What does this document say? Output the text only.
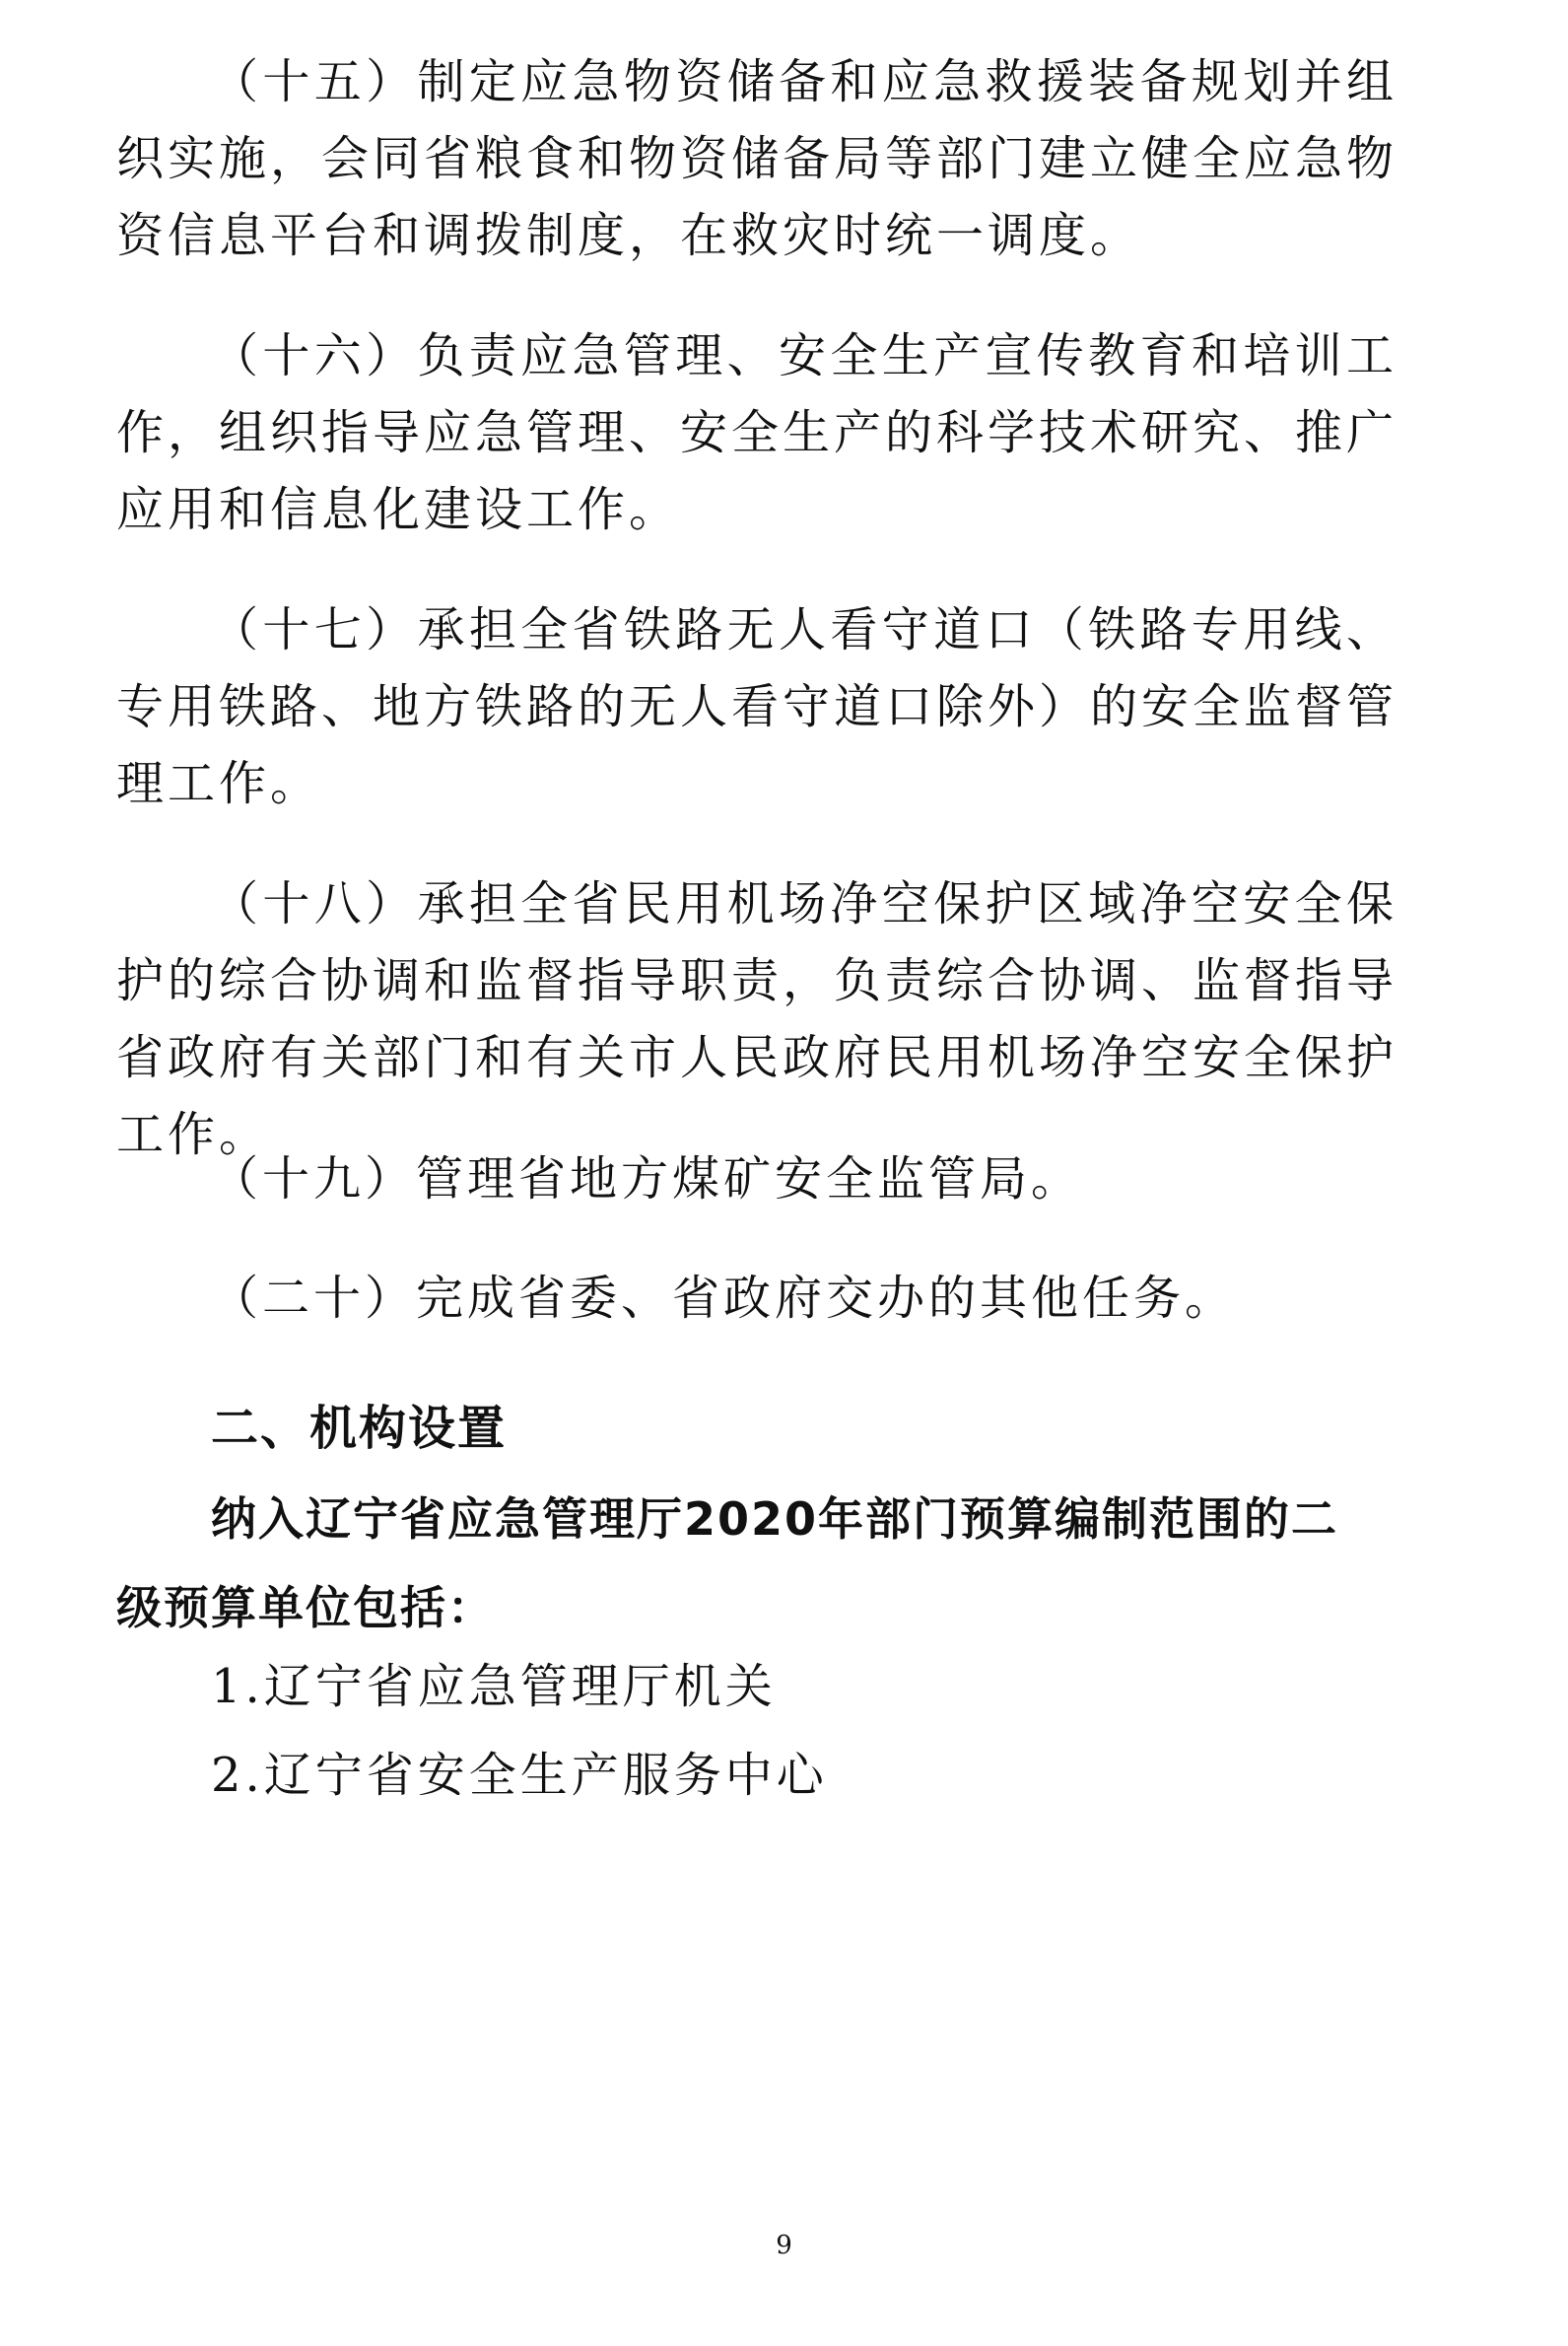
（十五）制定应急物资储备和应急救援装备规划并组织实施，会同省粮食和物资储备局等部门建立健全应急物资信息平台和调拨制度，在救灾时统一调度。

（十六）负责应急管理、安全生产宣传教育和培训工作，组织指导应急管理、安全生产的科学技术研究、推广应用和信息化建设工作。

（十七）承担全省铁路无人看守道口（铁路专用线、专用铁路、地方铁路的无人看守道口除外）的安全监督管理工作。

（十八）承担全省民用机场净空保护区域净空安全保护的综合协调和监督指导职责，负责综合协调、监督指导省政府有关部门和有关市人民政府民用机场净空安全保护工作。

（十九）管理省地方煤矿安全监管局。

（二十）完成省委、省政府交办的其他任务。

二、机构设置

纳入辽宁省应急管理厅2020年部门预算编制范围的二级预算单位包括：

1.辽宁省应急管理厅机关
2.辽宁省安全生产服务中心
9
